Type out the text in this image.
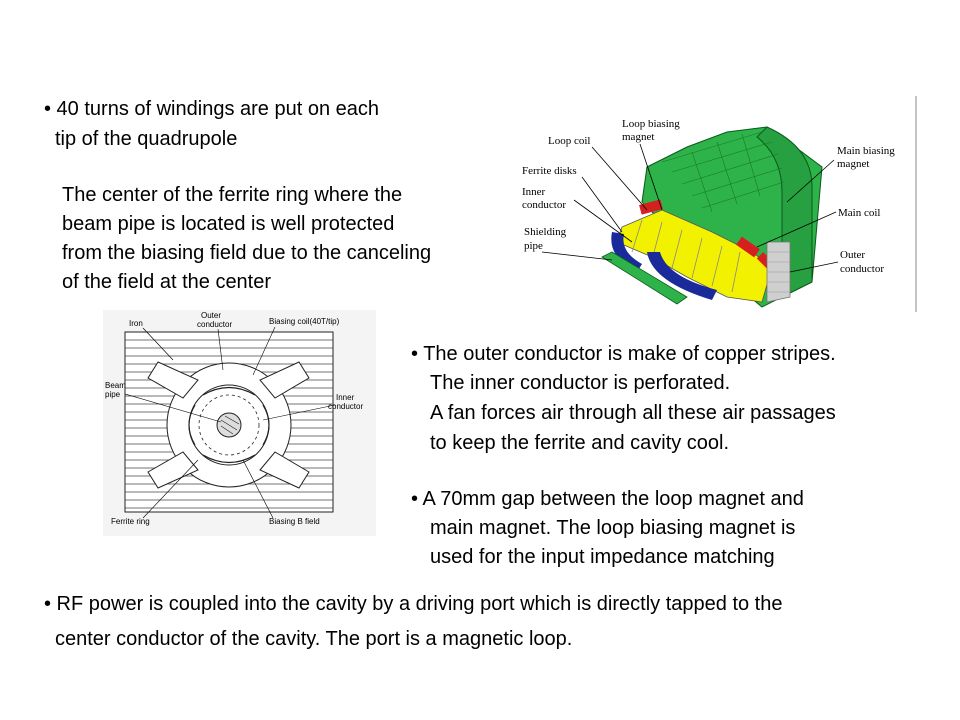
• 40 turns of windings are put on each
tip of the quadrupole
The center of the ferrite ring where the
beam pipe is located is well protected
from the biasing field due to the canceling
of the field at the center
Loop coil
Loop biasing
magnet
Ferrite disks
Inner
conductor
Shielding
pipe
Main biasing
magnet
Main coil
Outer
conductor
Iron
Outer
conductor	Biasing coil(40T/tip)
Beam
pipe	Inner
conductor
Ferrite ring	Biasing B field
• The outer conductor is make of copper stripes.
The inner conductor is perforated.
A fan forces air through all these air passages
to keep the ferrite and cavity cool.
• A 70mm gap between the loop magnet and
main magnet. The loop biasing magnet is
used for the input impedance matching
• RF power is coupled into the cavity by a driving port which is directly tapped to the
center conductor of the cavity. The port is a magnetic loop.
